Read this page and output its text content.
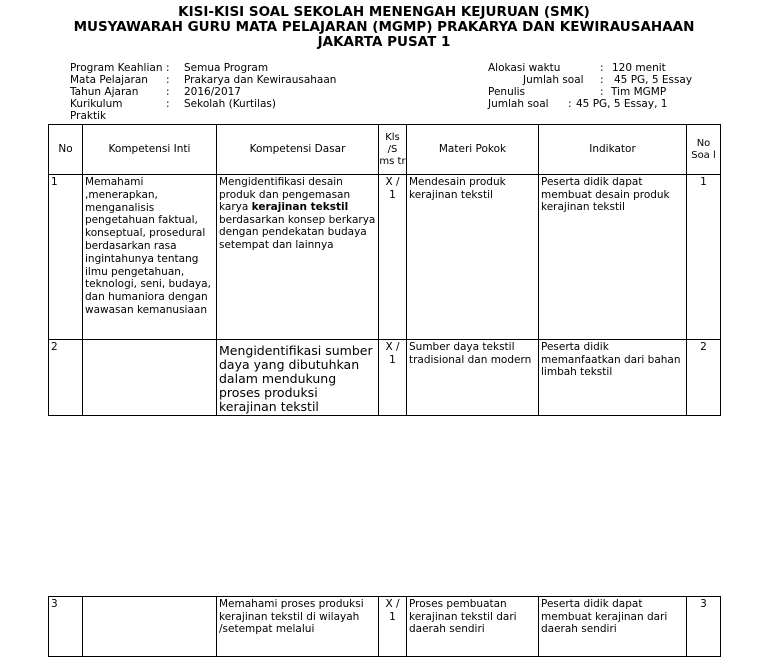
KISI-KISI SOAL SEKOLAH MENENGAH KEJURUAN (SMK)
MUSYAWARAH GURU MATA PELAJARAN (MGMP) PRAKARYA DAN KEWIRAUSAHAAN
JAKARTA PUSAT 1
Program Keahlian : Semua Program
Mata Pelajaran : Prakarya dan Kewirausahaan
Tahun Ajaran	: 2016/2017
Kurikulum	: Sekolah (Kurtilas)
Praktik
Alokasi waktu	: 120 menit
Jumlah soal : 45 PG, 5 Essay
Penulis	: Tim MGMP
Jumlah soal : 45 PG, 5 Essay, 1
No	Kompetensi Inti	Kompetensi Dasar	Kls /S ms tr	Materi Pokok	Indikator	No Soa l
1	Memahami ,menerapkan, menganalisis pengetahuan faktual, konseptual, prosedural berdasarkan rasa ingintahunya tentang ilmu pengetahuan, teknologi, seni, budaya, dan humaniora dengan wawasan kemanusiaan	Mengidentifikasi desain produk dan pengemasan karya kerajinan tekstil berdasarkan konsep berkarya dengan pendekatan budaya setempat dan lainnya	X / 1	Mendesain produk kerajinan tekstil	Peserta didik dapat membuat desain produk kerajinan tekstil	1
2		Mengidentifikasi sumber daya yang dibutuhkan dalam mendukung proses produksi kerajinan tekstil	X / 1	Sumber daya tekstil tradisional dan modern	Peserta didik memanfaatkan dari bahan limbah tekstil	2
3		Memahami proses produksi kerajinan tekstil di wilayah /setempat melalui	X / 1	Proses pembuatan kerajinan tekstil dari daerah sendiri	Peserta didik dapat membuat kerajinan dari daerah sendiri	3
